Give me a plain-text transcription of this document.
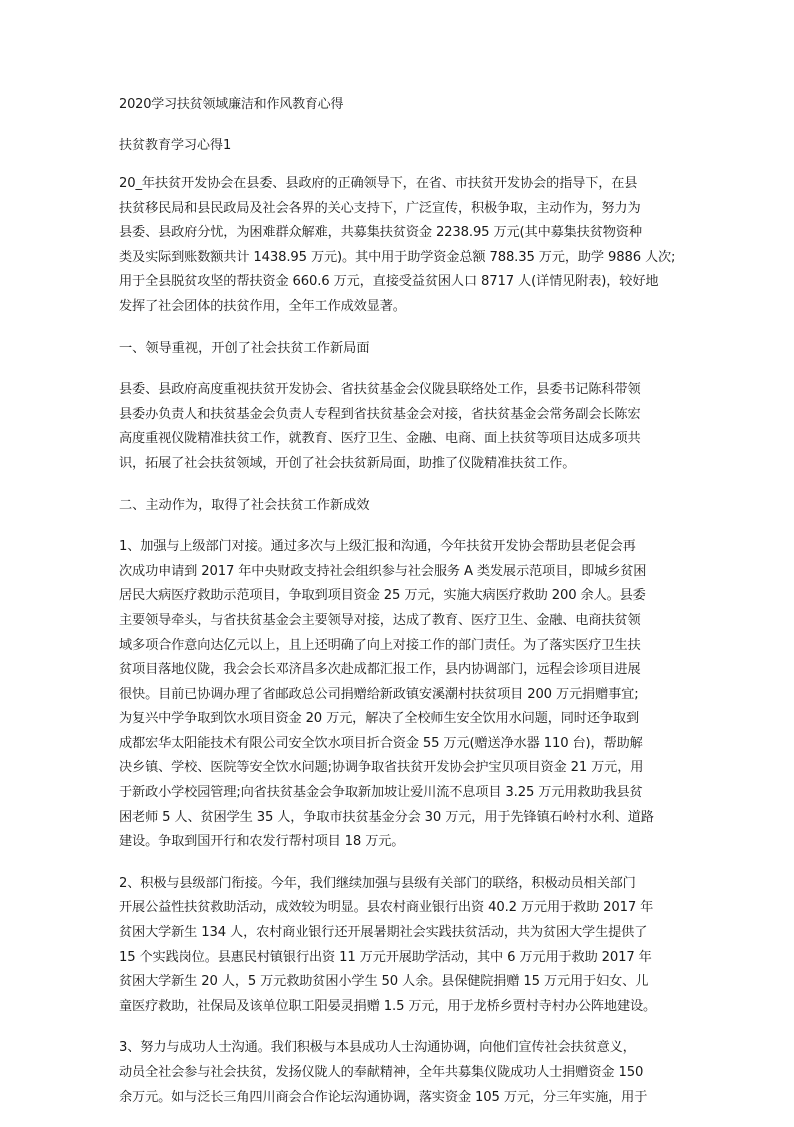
2020学习扶贫领域廉洁和作风教育心得
扶贫教育学习心得1
20_年扶贫开发协会在县委、县政府的正确领导下，在省、市扶贫开发协会的指导下，在县
扶贫移民局和县民政局及社会各界的关心支持下，广泛宣传，积极争取，主动作为，努力为
县委、县政府分忧，为困难群众解难，共募集扶贫资金 2238.95 万元(其中募集扶贫物资种
类及实际到账数额共计 1438.95 万元)。其中用于助学资金总额 788.35 万元，助学 9886 人次;
用于全县脱贫攻坚的帮扶资金 660.6 万元，直接受益贫困人口 8717 人(详情见附表)，较好地
发挥了社会团体的扶贫作用，全年工作成效显著。
一、领导重视，开创了社会扶贫工作新局面
县委、县政府高度重视扶贫开发协会、省扶贫基金会仪陇县联络处工作，县委书记陈科带领
县委办负责人和扶贫基金会负责人专程到省扶贫基金会对接，省扶贫基金会常务副会长陈宏
高度重视仪陇精准扶贫工作，就教育、医疗卫生、金融、电商、面上扶贫等项目达成多项共
识，拓展了社会扶贫领域，开创了社会扶贫新局面，助推了仪陇精准扶贫工作。
二、主动作为，取得了社会扶贫工作新成效
1、加强与上级部门对接。通过多次与上级汇报和沟通，今年扶贫开发协会帮助县老促会再
次成功申请到 2017 年中央财政支持社会组织参与社会服务 A 类发展示范项目，即城乡贫困
居民大病医疗救助示范项目，争取到项目资金 25 万元，实施大病医疗救助 200 余人。县委
主要领导牵头，与省扶贫基金会主要领导对接，达成了教育、医疗卫生、金融、电商扶贫领
域多项合作意向达亿元以上，且上还明确了向上对接工作的部门责任。为了落实医疗卫生扶
贫项目落地仪陇，我会会长邓济昌多次赴成都汇报工作，县内协调部门，远程会诊项目进展
很快。目前已协调办理了省邮政总公司捐赠给新政镇安溪潮村扶贫项目 200 万元捐赠事宜;
为复兴中学争取到饮水项目资金 20 万元，解决了全校师生安全饮用水问题，同时还争取到
成都宏华太阳能技术有限公司安全饮水项目折合资金 55 万元(赠送净水器 110 台)，帮助解
决乡镇、学校、医院等安全饮水问题;协调争取省扶贫开发协会护宝贝项目资金 21 万元，用
于新政小学校园管理;向省扶贫基金会争取新加坡让爱川流不息项目 3.25 万元用救助我县贫
困老师 5 人、贫困学生 35 人，争取市扶贫基金分会 30 万元，用于先锋镇石岭村水利、道路
建设。争取到国开行和农发行帮村项目 18 万元。
2、积极与县级部门衔接。今年，我们继续加强与县级有关部门的联络，积极动员相关部门
开展公益性扶贫救助活动，成效较为明显。县农村商业银行出资 40.2 万元用于救助 2017 年
贫困大学新生 134 人，农村商业银行还开展暑期社会实践扶贫活动，共为贫困大学生提供了
15 个实践岗位。县惠民村镇银行出资 11 万元开展助学活动，其中 6 万元用于救助 2017 年
贫困大学新生 20 人，5 万元救助贫困小学生 50 人余。县保健院捐赠 15 万元用于妇女、儿
童医疗救助，社保局及该单位职工阳晏灵捐赠 1.5 万元，用于龙桥乡贾村寺村办公阵地建设。
3、努力与成功人士沟通。我们积极与本县成功人士沟通协调，向他们宣传社会扶贫意义，
动员全社会参与社会扶贫，发扬仪陇人的奉献精神，全年共募集仪陇成功人士捐赠资金 150
余万元。如与泛长三角四川商会合作论坛沟通协调，落实资金 105 万元，分三年实施，用于
